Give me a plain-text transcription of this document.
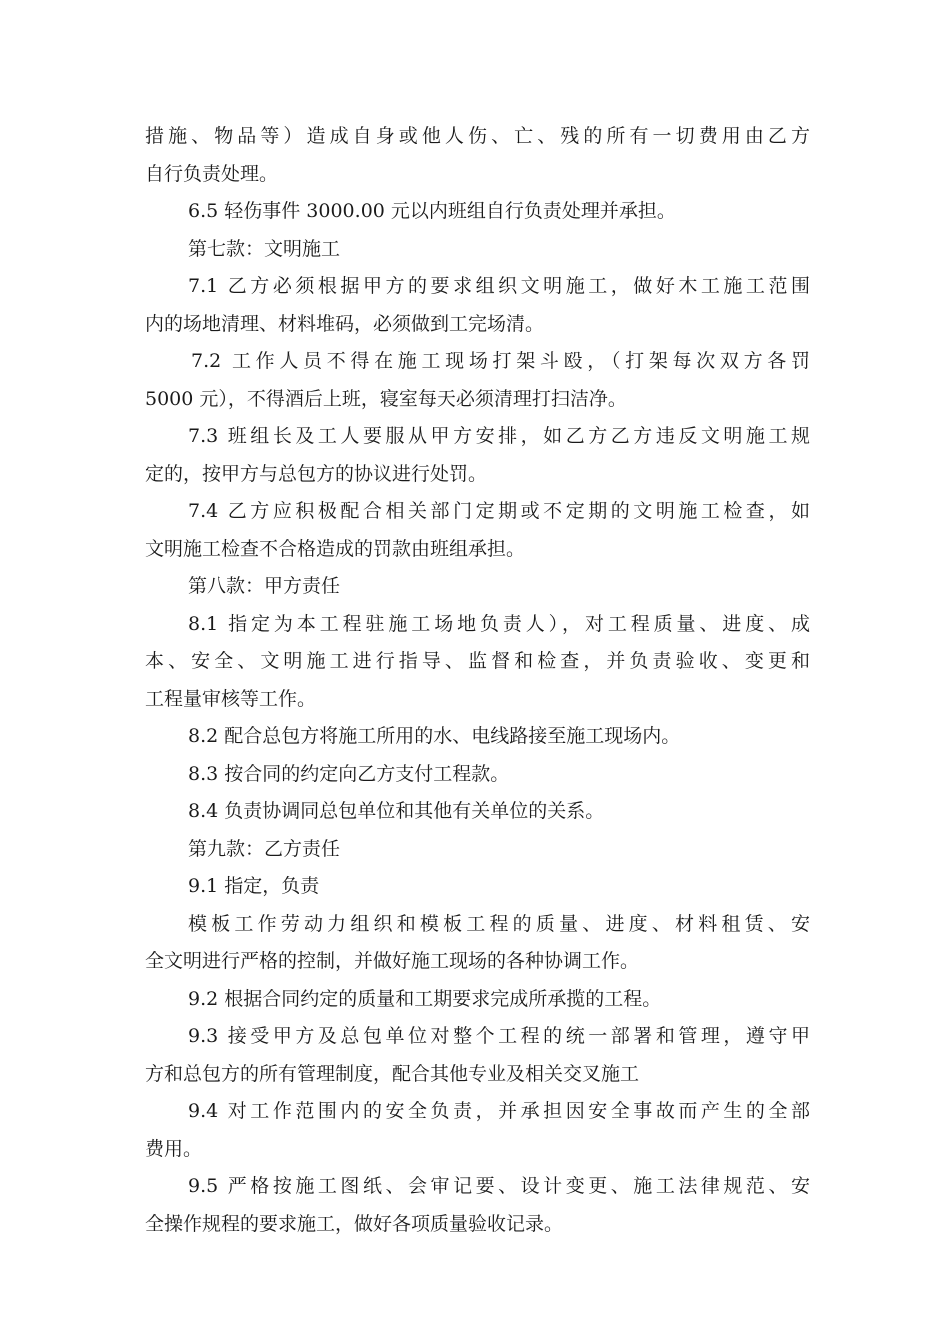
措施、物品等）造成自身或他人伤、亡、残的所有一切费用由乙方
自行负责处理。
6.5 轻伤事件 3000.00 元以内班组自行负责处理并承担。
第七款：文明施工
7.1 乙方必须根据甲方的要求组织文明施工，做好木工施工范围
内的场地清理、材料堆码，必须做到工完场清。
7.2 工作人员不得在施工现场打架斗殴，（打架每次双方各罚
5000 元），不得酒后上班，寝室每天必须清理打扫洁净。
7.3 班组长及工人要服从甲方安排，如乙方乙方违反文明施工规
定的，按甲方与总包方的协议进行处罚。
7.4 乙方应积极配合相关部门定期或不定期的文明施工检查，如
文明施工检查不合格造成的罚款由班组承担。
第八款：甲方责任
8.1 指定为本工程驻施工场地负责人），对工程质量、进度、成
本、安全、文明施工进行指导、监督和检查，并负责验收、变更和
工程量审核等工作。
8.2 配合总包方将施工所用的水、电线路接至施工现场内。
8.3 按合同的约定向乙方支付工程款。
8.4 负责协调同总包单位和其他有关单位的关系。
第九款：乙方责任
9.1 指定，负责
模板工作劳动力组织和模板工程的质量、进度、材料租赁、安
全文明进行严格的控制，并做好施工现场的各种协调工作。
9.2 根据合同约定的质量和工期要求完成所承揽的工程。
9.3 接受甲方及总包单位对整个工程的统一部署和管理，遵守甲
方和总包方的所有管理制度，配合其他专业及相关交叉施工
9.4 对工作范围内的安全负责，并承担因安全事故而产生的全部
费用。
9.5 严格按施工图纸、会审记要、设计变更、施工法律规范、安
全操作规程的要求施工，做好各项质量验收记录。
